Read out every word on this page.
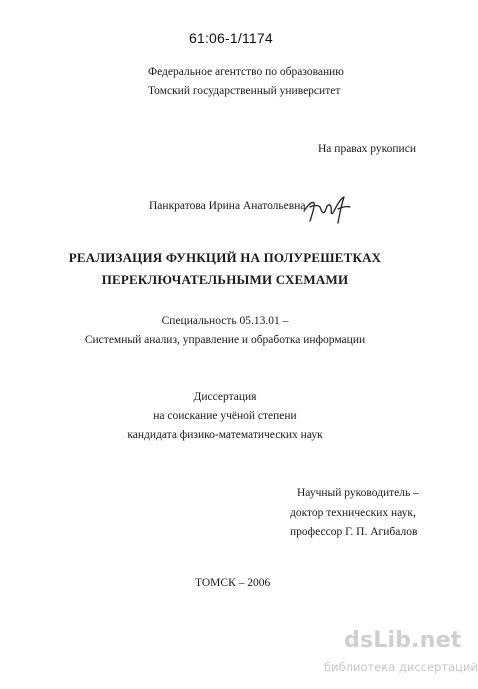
61:06-1/1174
Федеральное агентство по образованию
Томский государственный университет
На правах рукописи
Панкратова Ирина Анатольевна
РЕАЛИЗАЦИЯ ФУНКЦИЙ НА ПОЛУРЕШЕТКАХ
ПЕРЕКЛЮЧАТЕЛЬНЫМИ СХЕМАМИ
Специальность 05.13.01 –
Системный анализ, управление и обработка информации
Диссертация
на соискание учёной степени
кандидата физико-математических наук
Научный руководитель –
доктор технических наук,
профессор Г. П. Агибалов
ТОМСК – 2006
dsLib.net
библиотека диссертаций
